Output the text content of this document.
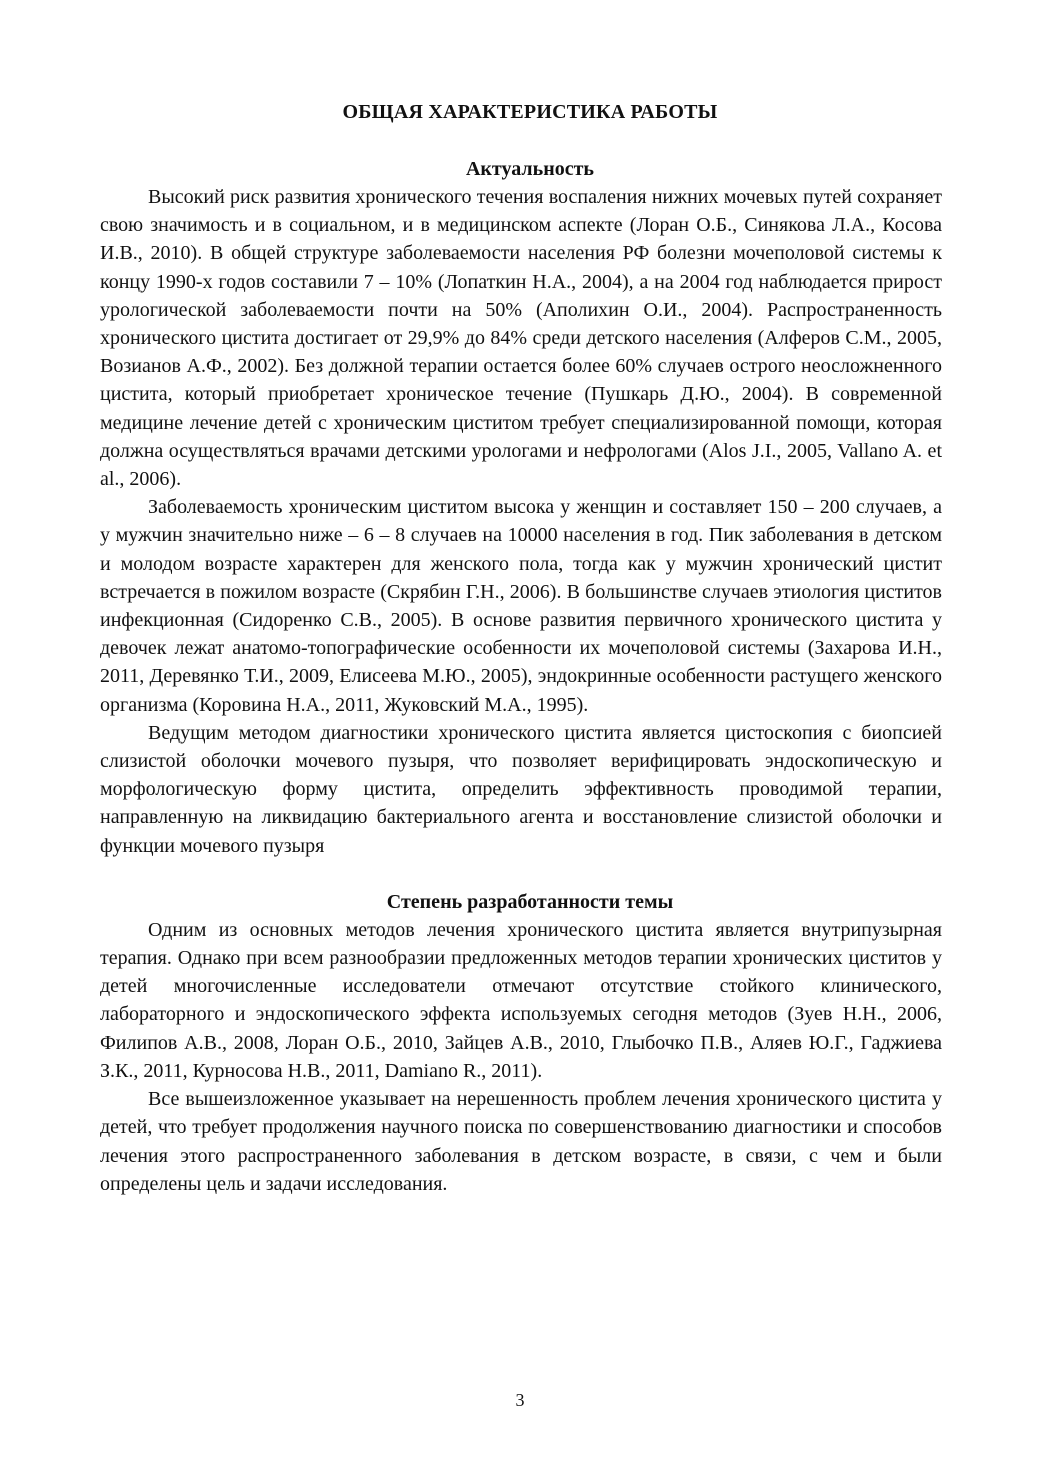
ОБЩАЯ ХАРАКТЕРИСТИКА РАБОТЫ
Актуальность

Высокий риск развития хронического течения воспаления нижних мочевых путей сохраняет свою значимость и в социальном, и в медицинском аспекте (Лоран О.Б., Синякова Л.А., Косова И.В., 2010). В общей структуре заболеваемости населения РФ болезни мочеполовой системы к концу 1990-х годов составили 7 – 10% (Лопаткин Н.А., 2004), а на 2004 год наблюдается прирост урологической заболеваемости почти на 50% (Аполихин О.И., 2004). Распространенность хронического цистита достигает от 29,9% до 84% среди детского населения (Алферов С.М., 2005, Возианов А.Ф., 2002). Без должной терапии остается более 60% случаев острого неосложненного цистита, который приобретает хроническое течение (Пушкарь Д.Ю., 2004). В современной медицине лечение детей с хроническим циститом требует специализированной помощи, которая должна осуществляться врачами детскими урологами и нефрологами (Alos J.I., 2005, Vallano A. et al., 2006).

Заболеваемость хроническим циститом высока у женщин и составляет 150 – 200 случаев, а у мужчин значительно ниже – 6 – 8 случаев на 10000 населения в год. Пик заболевания в детском и молодом возрасте характерен для женского пола, тогда как у мужчин хронический цистит встречается в пожилом возрасте (Скрябин Г.Н., 2006). В большинстве случаев этиология циститов инфекционная (Сидоренко С.В., 2005). В основе развития первичного хронического цистита у девочек лежат анатомо-топографические особенности их мочеполовой системы (Захарова И.Н., 2011, Деревянко Т.И., 2009, Елисеева М.Ю., 2005), эндокринные особенности растущего женского организма (Коровина Н.А., 2011, Жуковский М.А., 1995).

Ведущим методом диагностики хронического цистита является цистоскопия с биопсией слизистой оболочки мочевого пузыря, что позволяет верифицировать эндоскопическую и морфологическую форму цистита, определить эффективность проводимой терапии, направленную на ликвидацию бактериального агента и восстановление слизистой оболочки и функции мочевого пузыря

Степень разработанности темы

Одним из основных методов лечения хронического цистита является внутрипузырная терапия. Однако при всем разнообразии предложенных методов терапии хронических циститов у детей многочисленные исследователи отмечают отсутствие стойкого клинического, лабораторного и эндоскопического эффекта используемых сегодня методов (Зуев Н.Н., 2006, Филипов А.В., 2008, Лоран О.Б., 2010, Зайцев А.В., 2010, Глыбочко П.В., Аляев Ю.Г., Гаджиева З.К., 2011, Курносова Н.В., 2011, Damiano R., 2011).

Все вышеизложенное указывает на нерешенность проблем лечения хронического цистита у детей, что требует продолжения научного поиска по совершенствованию диагностики и способов лечения этого распространенного заболевания в детском возрасте, в связи, с чем и были определены цель и задачи исследования.

3
